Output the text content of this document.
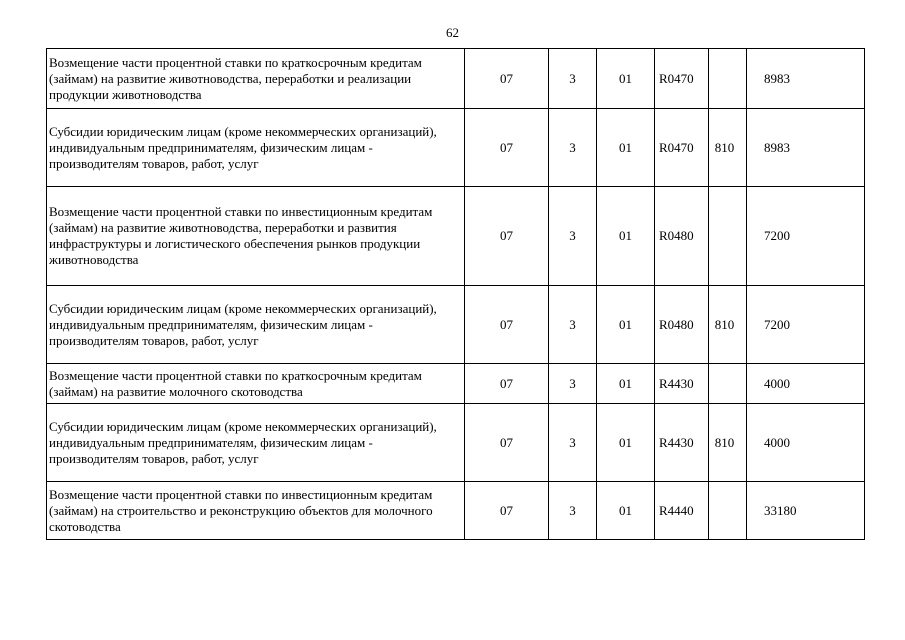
62
Возмещение части процентной ставки по краткосрочным кредитам (займам) на развитие животноводства, переработки и реализации продукции животноводства	07	3	01	R0470		8983
Субсидии юридическим лицам (кроме некоммерческих организаций), индивидуальным предпринимателям, физическим лицам - производителям товаров, работ, услуг	07	3	01	R0470	810	8983
Возмещение части процентной ставки по инвестиционным кредитам (займам) на развитие животноводства, переработки и развития инфраструктуры и логистического обеспечения рынков продукции животноводства	07	3	01	R0480		7200
Субсидии юридическим лицам (кроме некоммерческих организаций), индивидуальным предпринимателям, физическим лицам - производителям товаров, работ, услуг	07	3	01	R0480	810	7200
Возмещение части процентной ставки по краткосрочным кредитам (займам) на развитие молочного скотоводства	07	3	01	R4430		4000
Субсидии юридическим лицам (кроме некоммерческих организаций), индивидуальным предпринимателям, физическим лицам - производителям товаров, работ, услуг	07	3	01	R4430	810	4000
Возмещение части процентной ставки по инвестиционным кредитам (займам) на строительство и реконструкцию объектов для молочного скотоводства	07	3	01	R4440		33180
